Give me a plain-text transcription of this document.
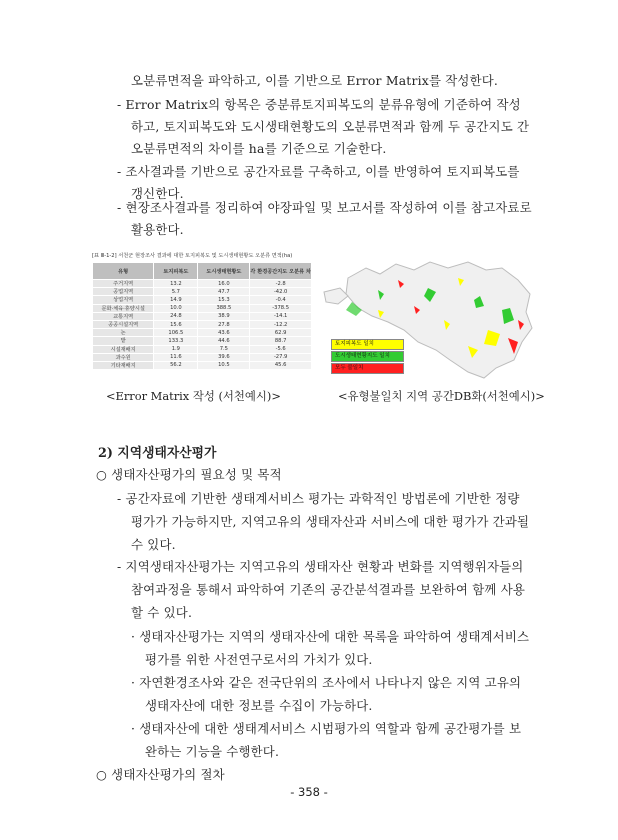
오분류면적을 파악하고, 이를 기반으로 Error Matrix를 작성한다.
- Error Matrix의 항목은 중분류토지피복도의 분류유형에 기준하여 작성
하고, 토지피복도와 도시생태현황도의 오분류면적과 함께 두 공간지도 간
오분류면적의 차이를 ha를 기준으로 기술한다.
- 조사결과를 기반으로 공간자료를 구축하고, 이를 반영하여 토지피복도를
갱신한다.
- 현장조사결과를 정리하여 야장파일 및 보고서를 작성하여 이를 참고자료로
활용한다.
[표 Ⅲ-1-2] 서천군 현장조사 결과에 대한 토지피복도 및 도시생태현황도 오분류 면적(ha)
유형	토지피복도	도시생태현황도	각 환경공간지도 오분류 차
주거지역	13.2	16.0	-2.8
공업지역	5.7	47.7	-42.0
상업지역	14.9	15.3	-0.4
문화·체육·휴양시설	10.0	388.5	-378.5
교통지역	24.8	38.9	-14.1
공공시설지역	15.6	27.8	-12.2
논	106.5	43.6	62.9
밭	133.3	44.6	88.7
시설재배지	1.9	7.5	-5.6
과수원	11.6	39.6	-27.9
기타재배지	56.2	10.5	45.6
<Error Matrix 작성 (서천예시)>
토지피복도 일치
도시생태현황지도 일치
모두 불일치
<유형불일치 지역 공간DB화(서천예시)>
2) 지역생태자산평가
○ 생태자산평가의 필요성 및 목적
- 공간자료에 기반한 생태계서비스 평가는 과학적인 방법론에 기반한 정량
평가가 가능하지만, 지역고유의 생태자산과 서비스에 대한 평가가 간과될
수 있다.
- 지역생태자산평가는 지역고유의 생태자산 현황과 변화를 지역행위자들의
참여과정을 통해서 파악하여 기존의 공간분석결과를 보완하여 함께 사용
할 수 있다.
· 생태자산평가는 지역의 생태자산에 대한 목록을 파악하여 생태계서비스
평가를 위한 사전연구로서의 가치가 있다.
· 자연환경조사와 같은 전국단위의 조사에서 나타나지 않은 지역 고유의
생태자산에 대한 정보를 수집이 가능하다.
· 생태자산에 대한 생태계서비스 시범평가의 역할과 함께 공간평가를 보
완하는 기능을 수행한다.
○ 생태자산평가의 절차
- 358 -
